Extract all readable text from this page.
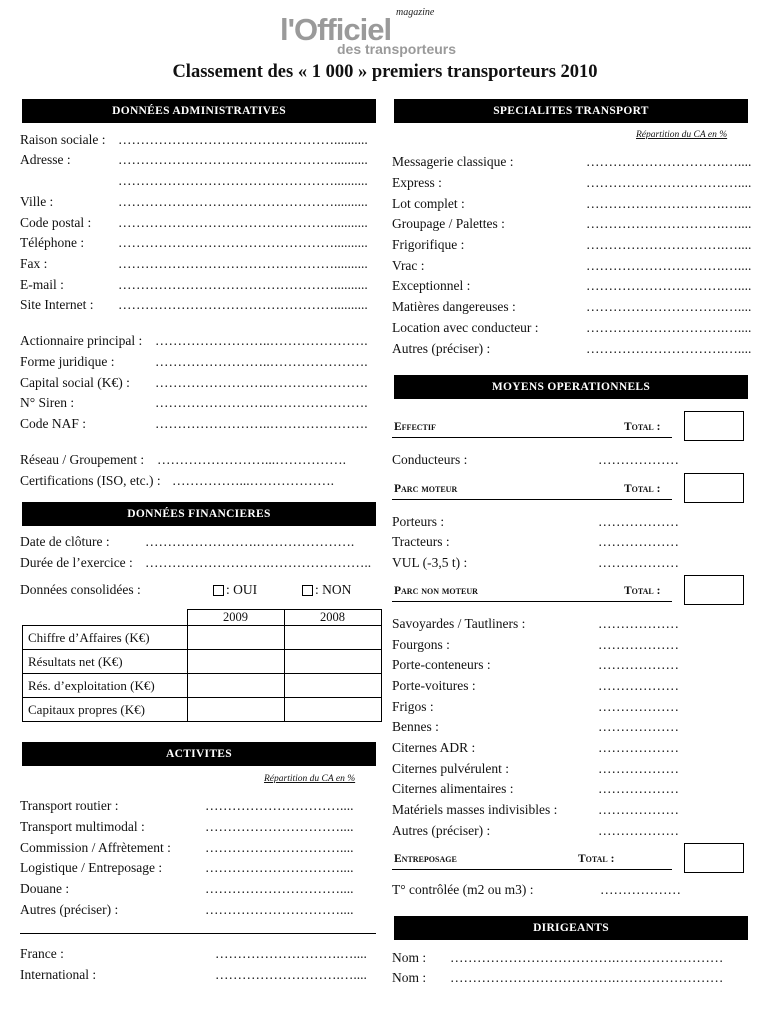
magazine
l'Officiel
des transporteurs
Classement des « 1 000 » premiers transporteurs 2010
DONNÉES ADMINISTRATIVES
Raison sociale : …………………………………………..........
Adresse :	…………………………………………..........
…………………………………………..........
Ville :	…………………………………………..........
Code postal : …………………………………………..........
Téléphone :	…………………………………………..........
Fax :	…………………………………………..........
E-mail :	…………………………………………..........
Site Internet : …………………………………………..........
Actionnaire principal : ……………………..………………….
Forme juridique :	……………………..………………….
Capital social (K€) : ……………………..………………….
N° Siren :	……………………..………………….
Code NAF :	……………………..………………….
Réseau / Groupement : ……………………...…………….
Certifications (ISO, etc.) : ……………...……………….
DONNÉES FINANCIERES
Date de clôture :	…………………….………………….
Durée de l’exercice : ……………………….…………………..
Données consolidées :	: OUI	: NON
	2009	2008
Chiffre d’Affaires (K€)		
Résultats net (K€)		
Rés. d’exploitation (K€)		
Capitaux propres (K€)		
ACTIVITES
Répartition du CA en %
Transport routier :	…………………………....
Transport multimodal :	…………………………....
Commission / Affrètement :	…………………………....
Logistique / Entreposage :	…………………………....
Douane :	…………………………....
Autres (préciser) :	…………………………....
France :	……………………….…....
International :	……………………….…....
SPECIALITES TRANSPORT
Répartition du CA en %
Messagerie classique :	………………………….…....
Express :	………………………….…....
Lot complet :	………………………….…....
Groupage / Palettes :	………………………….…....
Frigorifique :	………………………….…....
Vrac :	………………………….…....
Exceptionnel :	………………………….…....
Matières dangereuses :	………………………….…....
Location avec conducteur :	………………………….…....
Autres (préciser) :	………………………….…....
MOYENS OPERATIONNELS
Effectif	Total :
Conducteurs :	………………
Parc moteur	Total :
Porteurs :	………………
Tracteurs :	………………
VUL (-3,5 t) :	………………
Parc non moteur	Total :
Savoyardes / Tautliners :	………………
Fourgons :	………………
Porte-conteneurs :	………………
Porte-voitures :	………………
Frigos :	………………
Bennes :	………………
Citernes ADR :	………………
Citernes pulvérulent :	………………
Citernes alimentaires :	………………
Matériels masses indivisibles :	………………
Autres (préciser) :	………………
Entreposage	Total :
T° contrôlée (m2 ou m3) :	………………
DIRIGEANTS
Nom : ……………………………….……………………
Nom : ……………………………….……………………
